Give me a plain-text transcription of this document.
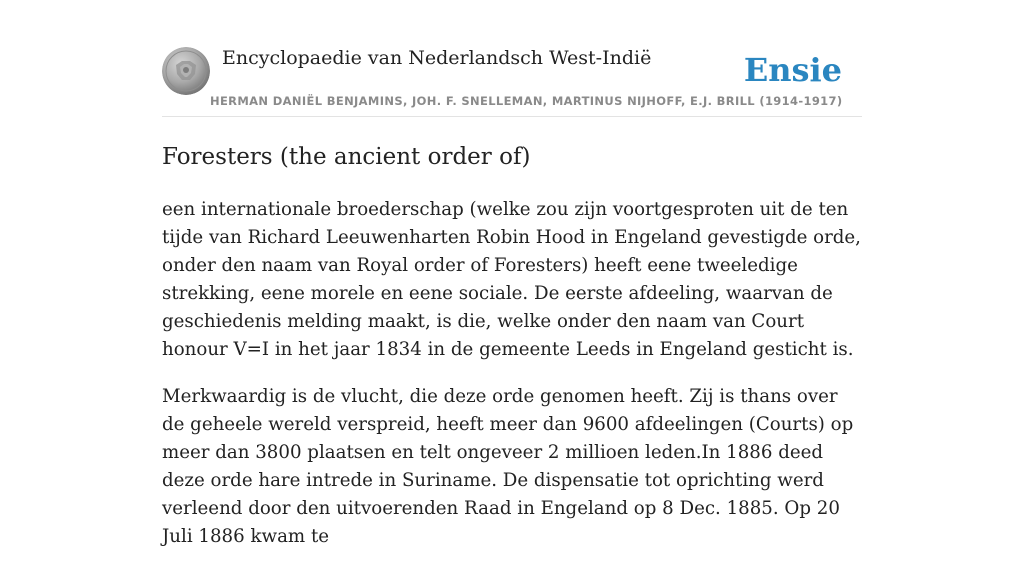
Encyclopaedie van Nederlandsch West-Indië	Ensie
HERMAN DANIËL BENJAMINS, JOH. F. SNELLEMAN, MARTINUS NIJHOFF, E.J. BRILL (1914-1917)
Foresters (the ancient order of)

een internationale broederschap (welke zou zijn voortgesproten uit de ten tijde van Richard Leeuwenharten Robin Hood in Engeland gevestigde orde, onder den naam van Royal order of Foresters) heeft eene tweeledige strekking, eene morele en eene sociale. De eerste afdeeling, waarvan de geschiedenis melding maakt, is die, welke onder den naam van Court honour V=I in het jaar 1834 in de gemeente Leeds in Engeland gesticht is.

Merkwaardig is de vlucht, die deze orde genomen heeft. Zij is thans over de geheele wereld verspreid, heeft meer dan 9600 afdeelingen (Courts) op meer dan 3800 plaatsen en telt ongeveer 2 millioen leden.In 1886 deed deze orde hare intrede in Suriname. De dispensatie tot oprichting werd verleend door den uitvoerenden Raad in Engeland op 8 Dec. 1885. Op 20 Juli 1886 kwam te
